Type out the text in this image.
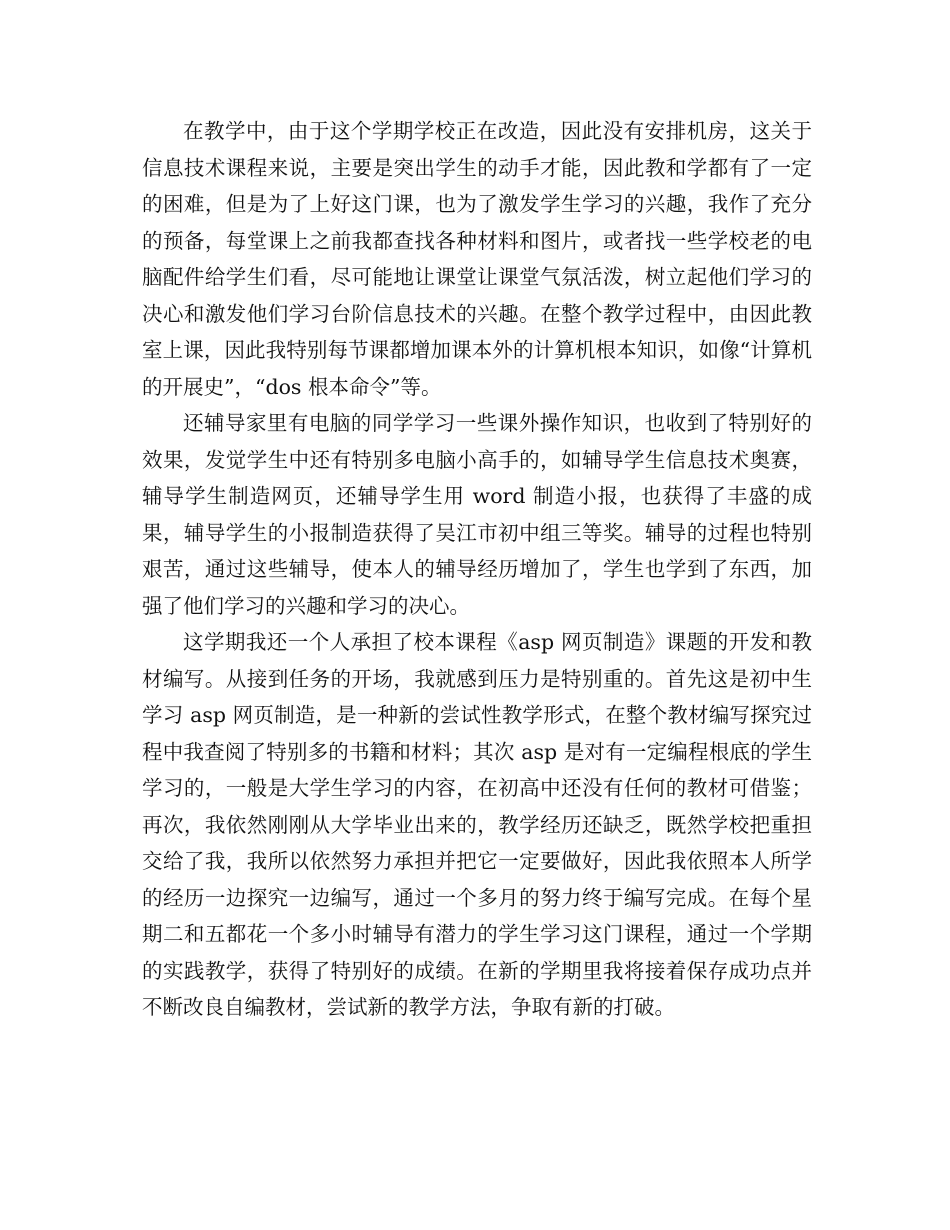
在教学中，由于这个学期学校正在改造，因此没有安排机房，这关于信息技术课程来说，主要是突出学生的动手才能，因此教和学都有了一定的困难，但是为了上好这门课，也为了激发学生学习的兴趣，我作了充分的预备，每堂课上之前我都查找各种材料和图片，或者找一些学校老的电脑配件给学生们看，尽可能地让课堂让课堂气氛活泼，树立起他们学习的决心和激发他们学习台阶信息技术的兴趣。在整个教学过程中，由因此教室上课，因此我特别每节课都增加课本外的计算机根本知识，如像“计算机的开展史”，“dos 根本命令”等。

还辅导家里有电脑的同学学习一些课外操作知识，也收到了特别好的效果，发觉学生中还有特别多电脑小高手的，如辅导学生信息技术奥赛，辅导学生制造网页，还辅导学生用 word 制造小报，也获得了丰盛的成果，辅导学生的小报制造获得了吴江市初中组三等奖。辅导的过程也特别艰苦，通过这些辅导，使本人的辅导经历增加了，学生也学到了东西，加强了他们学习的兴趣和学习的决心。

这学期我还一个人承担了校本课程《asp 网页制造》课题的开发和教材编写。从接到任务的开场，我就感到压力是特别重的。首先这是初中生学习 asp 网页制造，是一种新的尝试性教学形式，在整个教材编写探究过程中我查阅了特别多的书籍和材料；其次 asp 是对有一定编程根底的学生学习的，一般是大学生学习的内容，在初高中还没有任何的教材可借鉴；再次，我依然刚刚从大学毕业出来的，教学经历还缺乏，既然学校把重担交给了我，我所以依然努力承担并把它一定要做好，因此我依照本人所学的经历一边探究一边编写，通过一个多月的努力终于编写完成。在每个星期二和五都花一个多小时辅导有潜力的学生学习这门课程，通过一个学期的实践教学，获得了特别好的成绩。在新的学期里我将接着保存成功点并不断改良自编教材，尝试新的教学方法，争取有新的打破。
